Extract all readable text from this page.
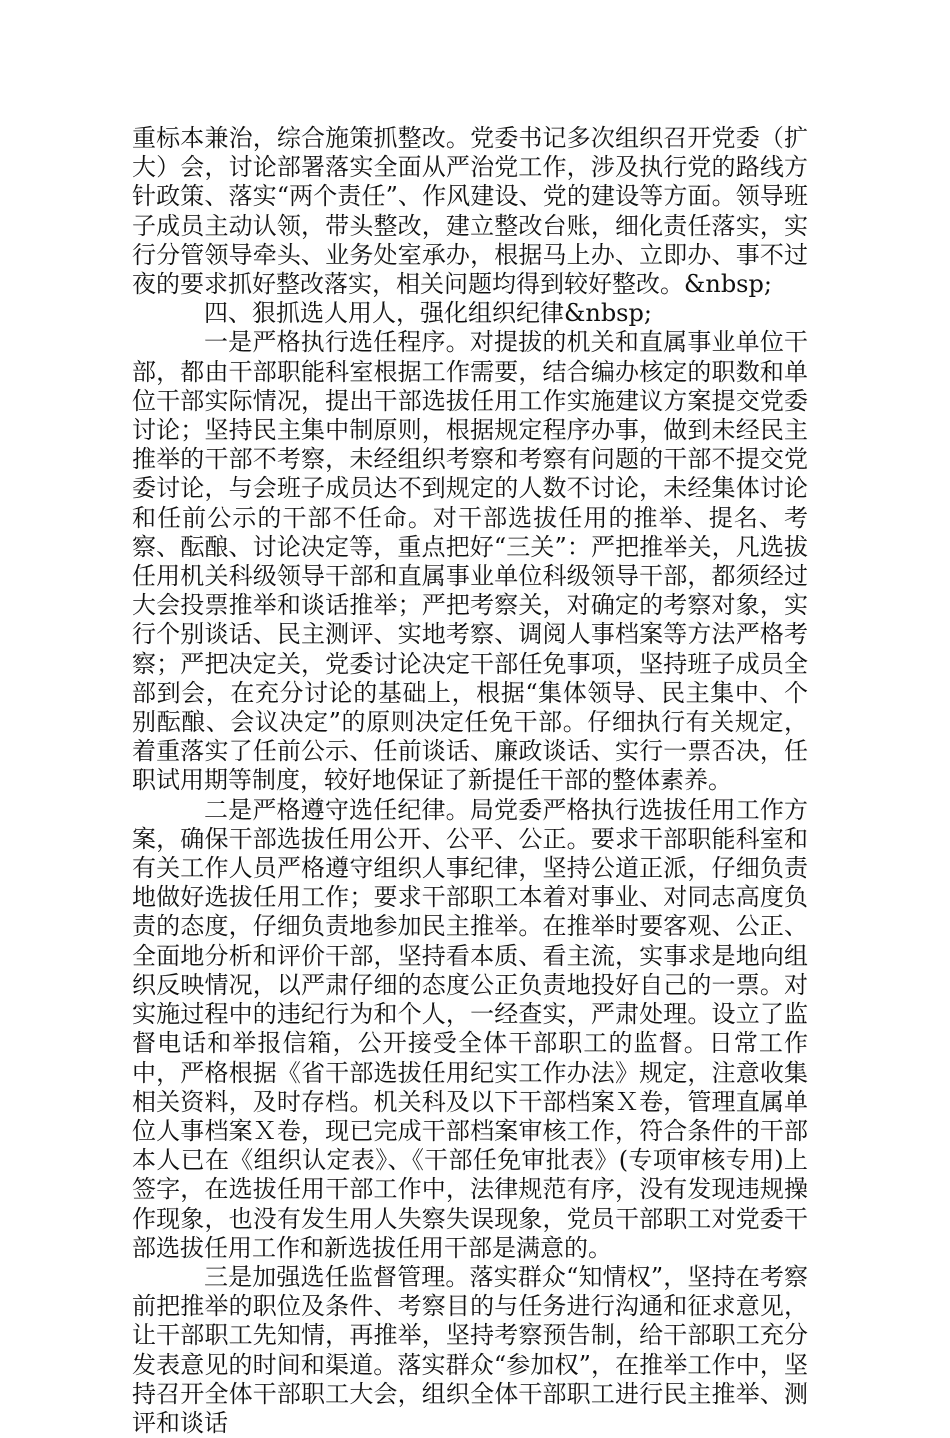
重标本兼治，综合施策抓整改。党委书记多次组织召开党委（扩大）会，讨论部署落实全面从严治党工作，涉及执行党的路线方针政策、落实“两个责任”、作风建设、党的建设等方面。领导班子成员主动认领，带头整改，建立整改台账，细化责任落实，实行分管领导牵头、业务处室承办，根据马上办、立即办、事不过夜的要求抓好整改落实，相关问题均得到较好整改。&nbsp;

四、狠抓选人用人，强化组织纪律&nbsp;

一是严格执行选任程序。对提拔的机关和直属事业单位干部，都由干部职能科室根据工作需要，结合编办核定的职数和单位干部实际情况，提出干部选拔任用工作实施建议方案提交党委讨论；坚持民主集中制原则，根据规定程序办事，做到未经民主推举的干部不考察，未经组织考察和考察有问题的干部不提交党委讨论，与会班子成员达不到规定的人数不讨论，未经集体讨论和任前公示的干部不任命。对干部选拔任用的推举、提名、考察、酝酿、讨论决定等，重点把好“三关”：严把推举关，凡选拔任用机关科级领导干部和直属事业单位科级领导干部，都须经过大会投票推举和谈话推举；严把考察关，对确定的考察对象，实行个别谈话、民主测评、实地考察、调阅人事档案等方法严格考察；严把决定关，党委讨论决定干部任免事项，坚持班子成员全部到会，在充分讨论的基础上，根据“集体领导、民主集中、个别酝酿、会议决定”的原则决定任免干部。仔细执行有关规定，着重落实了任前公示、任前谈话、廉政谈话、实行一票否决，任职试用期等制度，较好地保证了新提任干部的整体素养。

二是严格遵守选任纪律。局党委严格执行选拔任用工作方案，确保干部选拔任用公开、公平、公正。要求干部职能科室和有关工作人员严格遵守组织人事纪律，坚持公道正派，仔细负责地做好选拔任用工作；要求干部职工本着对事业、对同志高度负责的态度，仔细负责地参加民主推举。在推举时要客观、公正、全面地分析和评价干部，坚持看本质、看主流，实事求是地向组织反映情况，以严肃仔细的态度公正负责地投好自己的一票。对实施过程中的违纪行为和个人，一经查实，严肃处理。设立了监督电话和举报信箱，公开接受全体干部职工的监督。日常工作中，严格根据《省干部选拔任用纪实工作办法》规定，注意收集相关资料，及时存档。机关科及以下干部档案Ｘ卷，管理直属单位人事档案Ｘ卷，现已完成干部档案审核工作，符合条件的干部本人已在《组织认定表》、《干部任免审批表》(专项审核专用)上签字，在选拔任用干部工作中，法律规范有序，没有发现违规操作现象，也没有发生用人失察失误现象，党员干部职工对党委干部选拔任用工作和新选拔任用干部是满意的。

三是加强选任监督管理。落实群众“知情权”，坚持在考察前把推举的职位及条件、考察目的与任务进行沟通和征求意见，让干部职工先知情，再推举，坚持考察预告制，给干部职工充分发表意见的时间和渠道。落实群众“参加权”，在推举工作中，坚持召开全体干部职工大会，组织全体干部职工进行民主推举、测评和谈话
